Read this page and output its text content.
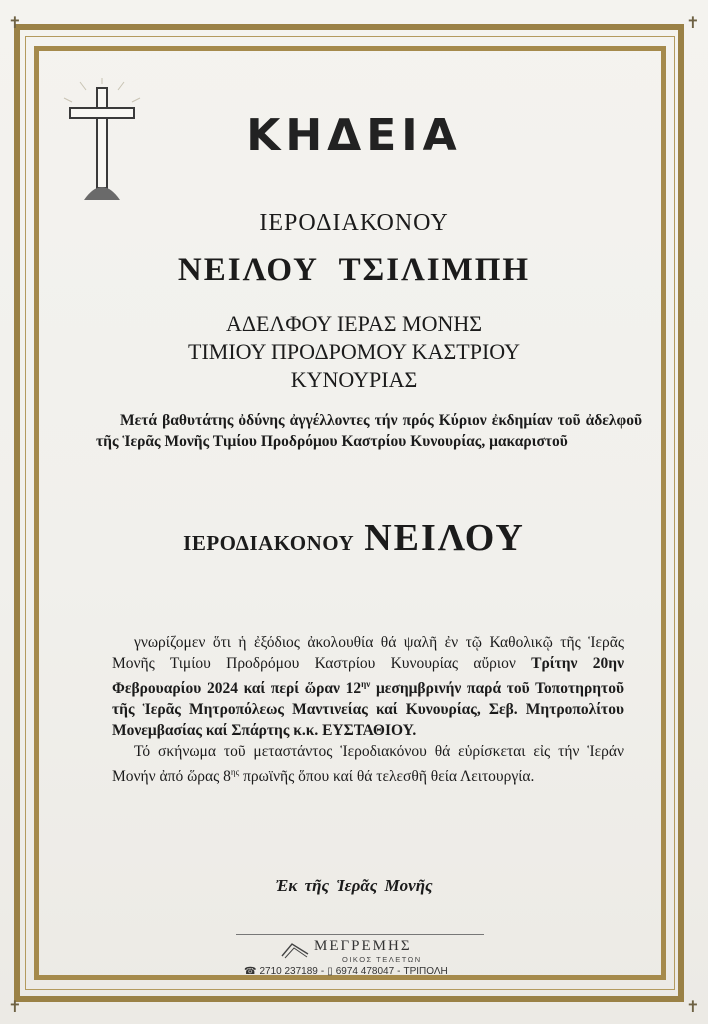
✝	✝
✝	✝
ΚΗΔΕΙΑ
ΙΕΡΟΔΙΑΚΟΝΟΥ
ΝΕΙΛΟΥ ΤΣΙΛΙΜΠΗ
ΑΔΕΛΦΟΥ ΙΕΡΑΣ ΜΟΝΗΣ
ΤΙΜΙΟΥ ΠΡΟΔΡΟΜΟΥ ΚΑΣΤΡΙΟΥ
ΚΥΝΟΥΡΙΑΣ
Μετά βαθυτάτης ὀδύνης ἀγγέλλοντες τήν πρός Κύριον ἐκδημίαν τοῦ ἀδελφοῦ τῆς Ἱερᾶς Μονῆς Τιμίου Προδρόμου Καστρίου Κυνουρίας, μακαριστοῦ
ΙΕΡΟΔΙΑΚΟΝΟΥ ΝΕΙΛΟΥ

γνωρίζομεν ὅτι ἡ ἐξόδιος ἀκολουθία θά ψαλῆ ἐν τῷ Καθολικῷ τῆς Ἱερᾶς Μονῆς Τιμίου Προδρόμου Καστρίου Κυνουρίας αὔριον Τρίτην 20ην Φεβρουαρίου 2024 καί περί ὥραν $12^{\eta\nu}$ μεσημβρινήν παρά τοῦ Τοποτηρητοῦ τῆς Ἱερᾶς Μητροπόλεως Μαντινείας καί Κυνουρίας, Σεβ. Μητροπολίτου Μονεμβασίας καί Σπάρτης κ.κ. ΕΥΣΤΑΘΙΟΥ.

Τό σκήνωμα τοῦ μεταστάντος Ἱεροδιακόνου θά εὑρίσκεται εἰς τήν Ἱεράν Μονήν ἀπό ὥρας $8^{\eta\varsigma}$ πρωϊνῆς ὅπου καί θά τελεσθῆ θεία Λειτουργία.

Ἐκ τῆς Ἱερᾶς Μονῆς
ΜΕΓΡΕΜΗΣ
ΟΙΚΟΣ ΤΕΛΕΤΩΝ
☎ 2710 237189 - ▯ 6974 478047 - ΤΡΙΠΟΛΗ
